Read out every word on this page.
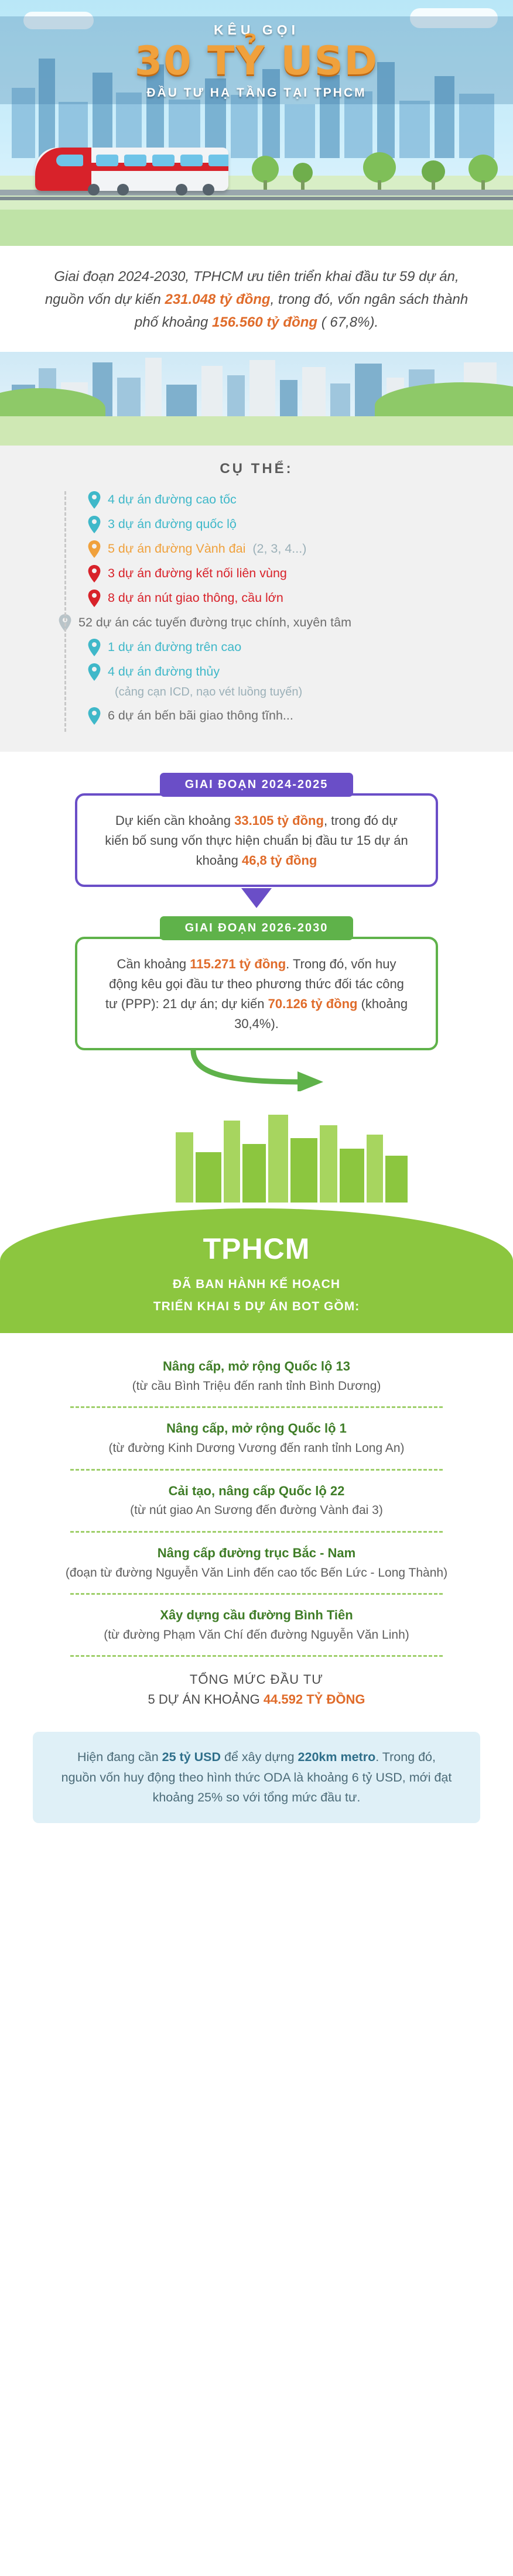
KÊU GỌI
30 TỶ USD
ĐẦU TƯ HẠ TẦNG TẠI TPHCM
Giai đoạn 2024-2030, TPHCM ưu tiên triển khai đầu tư 59 dự án, nguồn vốn dự kiến 231.048 tỷ đồng, trong đó, vốn ngân sách thành phố khoảng 156.560 tỷ đồng ( 67,8%).
CỤ THỂ:
4 dự án đường cao tốc
3 dự án đường quốc lộ
5 dự án đường Vành đai (2, 3, 4...)
3 dự án đường kết nối liên vùng
8 dự án nút giao thông, cầu lớn
52 dự án các tuyến đường trục chính, xuyên tâm
1 dự án đường trên cao
4 dự án đường thủy
(cảng cạn ICD, nạo vét luồng tuyến)
6 dự án bến bãi giao thông tĩnh...
GIAI ĐOẠN 2024-2025
Dự kiến cần khoảng 33.105 tỷ đồng, trong đó dự kiến bố sung vốn thực hiện chuẩn bị đầu tư 15 dự án khoảng 46,8 tỷ đồng
GIAI ĐOẠN 2026-2030
Cần khoảng 115.271 tỷ đồng. Trong đó, vốn huy động kêu gọi đầu tư theo phương thức đối tác công tư (PPP): 21 dự án; dự kiến 70.126 tỷ đồng (khoảng 30,4%).
TPHCM
ĐÃ BAN HÀNH KẾ HOẠCH
TRIỂN KHAI 5 DỰ ÁN BOT GỒM:
Nâng cấp, mở rộng Quốc lộ 13
(từ cầu Bình Triệu đến ranh tỉnh Bình Dương)
Nâng cấp, mở rộng Quốc lộ 1
(từ đường Kinh Dương Vương đến ranh tỉnh Long An)
Cải tạo, nâng cấp Quốc lộ 22
(từ nút giao An Sương đến đường Vành đai 3)
Nâng cấp đường trục Bắc - Nam
(đoạn từ đường Nguyễn Văn Linh đến cao tốc Bến Lức - Long Thành)
Xây dựng cầu đường Bình Tiên
(từ đường Phạm Văn Chí đến đường Nguyễn Văn Linh)
TỔNG MỨC ĐẦU TƯ
5 DỰ ÁN KHOẢNG 44.592 TỶ ĐỒNG
Hiện đang cần 25 tỷ USD để xây dựng 220km metro. Trong đó, nguồn vốn huy động theo hình thức ODA là khoảng 6 tỷ USD, mới đạt khoảng 25% so với tổng mức đầu tư.
